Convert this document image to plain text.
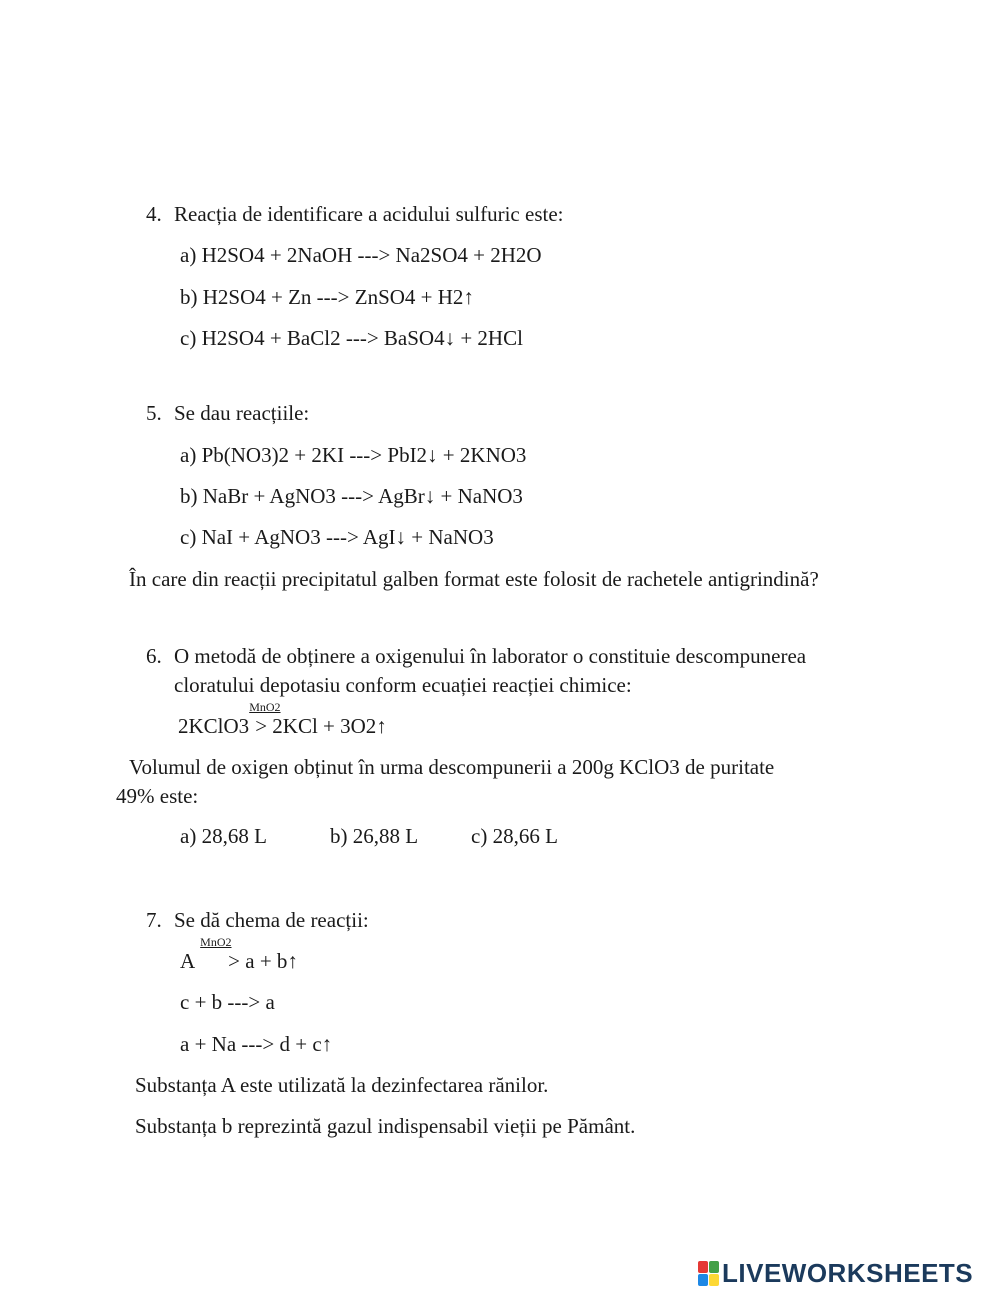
4. Reacția de identificare a acidului sulfuric este:
a) H2SO4 + 2NaOH ---> Na2SO4 + 2H2O
b) H2SO4 + Zn ---> ZnSO4 + H2↑
c) H2SO4 + BaCl2 ---> BaSO4↓ + 2HCl
5. Se dau reacțiile:
a) Pb(NO3)2 + 2KI ---> PbI2↓ + 2KNO3
b) NaBr + AgNO3 ---> AgBr↓ + NaNO3
c) NaI + AgNO3 ---> AgI↓ + NaNO3
În care din reacții precipitatul galben format este folosit de rachetele antigrindină?
6. O metodă de obținere a oxigenului în laborator o constituie descompunerea
cloratului depotasiu conform ecuației reacției chimice:
2KClO3
MnO2
> 2KCl + 3O2↑
Volumul de oxigen obținut în urma descompunerii a 200g KClO3 de puritate
49% este:
a) 28,68 L	b) 26,88 L	c) 28,66 L
7. Se dă chema de reacții:
A
MnO2
> a + b↑
c + b ---> a
a + Na ---> d + c↑
Substanța A este utilizată la dezinfectarea rănilor.
Substanța b reprezintă gazul indispensabil vieții pe Pământ.
LIVEWORKSHEETS
